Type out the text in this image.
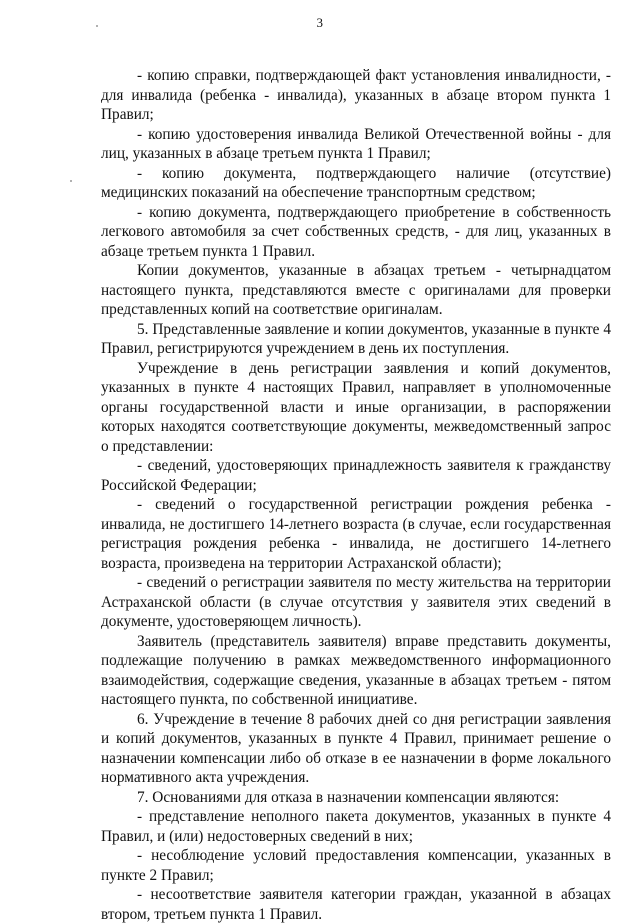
3

- копию справки, подтверждающей факт установления инвалидности, - для инвалида (ребенка - инвалида), указанных в абзаце втором пункта 1 Правил;

- копию удостоверения инвалида Великой Отечественной войны - для лиц, указанных в абзаце третьем пункта 1 Правил;

- копию документа, подтверждающего наличие (отсутствие) медицинских показаний на обеспечение транспортным средством;

- копию документа, подтверждающего приобретение в собственность легкового автомобиля за счет собственных средств, - для лиц, указанных в абзаце третьем пункта 1 Правил.

Копии документов, указанные в абзацах третьем - четырнадцатом настоящего пункта, представляются вместе с оригиналами для проверки представленных копий на соответствие оригиналам.

5. Представленные заявление и копии документов, указанные в пункте 4 Правил, регистрируются учреждением в день их поступления.

Учреждение в день регистрации заявления и копий документов, указанных в пункте 4 настоящих Правил, направляет в уполномоченные органы государственной власти и иные организации, в распоряжении которых находятся соответствующие документы, межведомственный запрос о представлении:

- сведений, удостоверяющих принадлежность заявителя к гражданству Российской Федерации;

- сведений о государственной регистрации рождения ребенка - инвалида, не достигшего 14-летнего возраста (в случае, если государственная регистрация рождения ребенка - инвалида, не достигшего 14-летнего возраста, произведена на территории Астраханской области);

- сведений о регистрации заявителя по месту жительства на территории Астраханской области (в случае отсутствия у заявителя этих сведений в документе, удостоверяющем личность).

Заявитель (представитель заявителя) вправе представить документы, подлежащие получению в рамках межведомственного информационного взаимодействия, содержащие сведения, указанные в абзацах третьем - пятом настоящего пункта, по собственной инициативе.

6. Учреждение в течение 8 рабочих дней со дня регистрации заявления и копий документов, указанных в пункте 4 Правил, принимает решение о назначении компенсации либо об отказе в ее назначении в форме локального нормативного акта учреждения.

7. Основаниями для отказа в назначении компенсации являются:

- представление неполного пакета документов, указанных в пункте 4 Правил, и (или) недостоверных сведений в них;

- несоблюдение условий предоставления компенсации, указанных в пункте 2 Правил;

- несоответствие заявителя категории граждан, указанной в абзацах втором, третьем пункта 1 Правил.
